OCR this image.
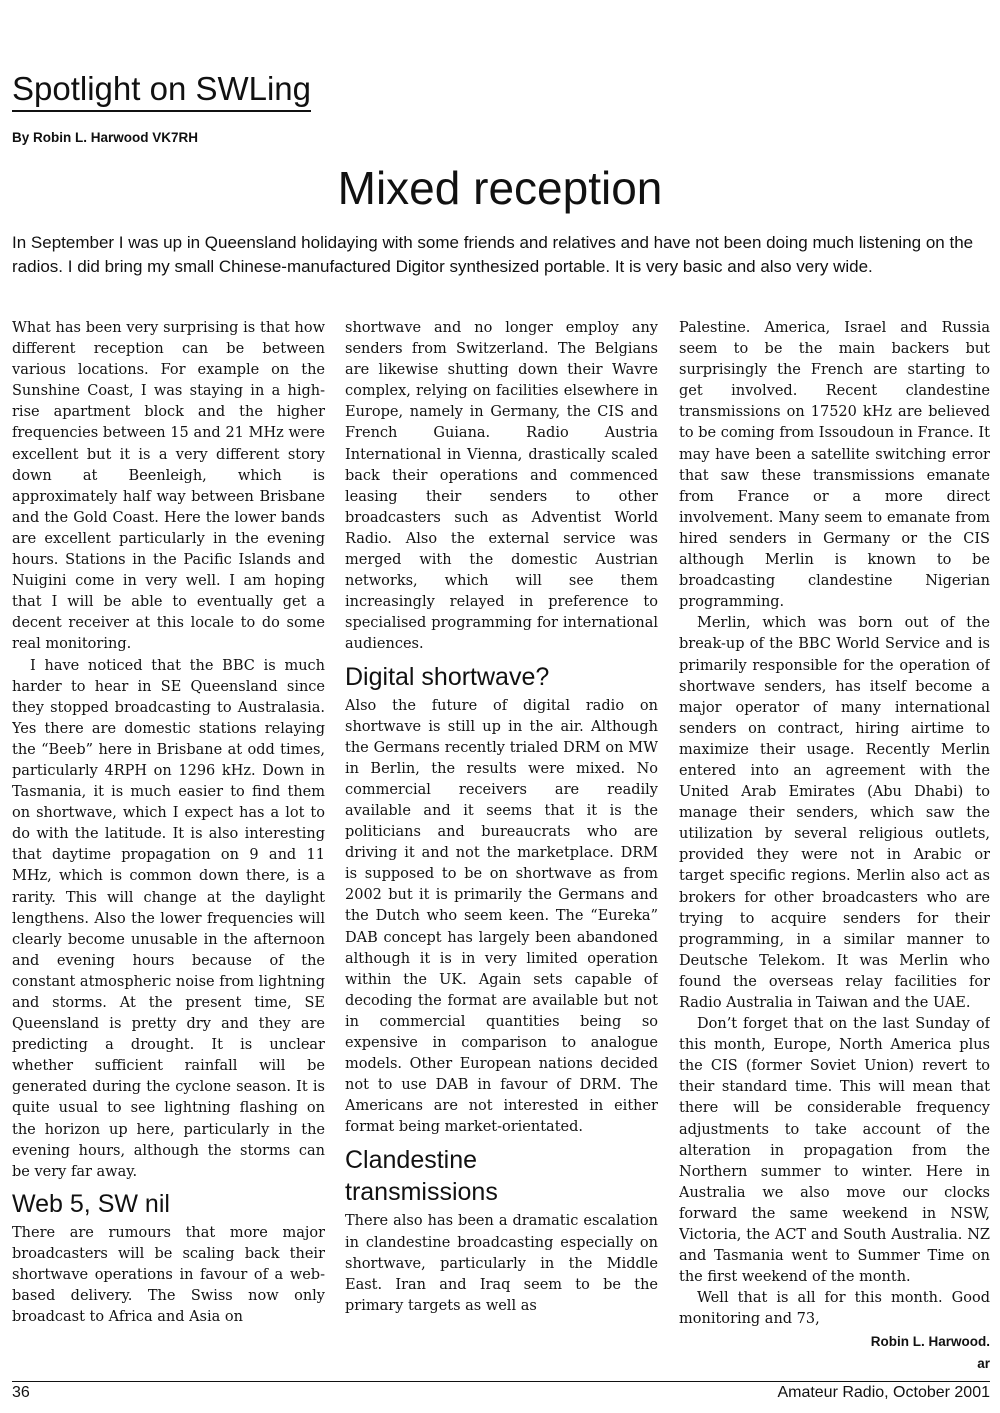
Spotlight on SWLing
By Robin L. Harwood VK7RH
Mixed reception

In September I was up in Queensland holidaying with some friends and relatives and have not been doing much listening on the radios. I did bring my small Chinese-manufactured Digitor synthesized portable. It is very basic and also very wide.

What has been very surprising is that how different reception can be between various locations. For example on the Sunshine Coast, I was staying in a high-rise apartment block and the higher frequencies between 15 and 21 MHz were excellent but it is a very different story down at Beenleigh, which is approximately half way between Brisbane and the Gold Coast. Here the lower bands are excellent particularly in the evening hours. Stations in the Pacific Islands and Nuigini come in very well. I am hoping that I will be able to eventually get a decent receiver at this locale to do some real monitoring.

I have noticed that the BBC is much harder to hear in SE Queensland since they stopped broadcasting to Australasia. Yes there are domestic stations relaying the “Beeb” here in Brisbane at odd times, particularly 4RPH on 1296 kHz. Down in Tasmania, it is much easier to find them on shortwave, which I expect has a lot to do with the latitude. It is also interesting that daytime propagation on 9 and 11 MHz, which is common down there, is a rarity. This will change at the daylight lengthens. Also the lower frequencies will clearly become unusable in the afternoon and evening hours because of the constant atmospheric noise from lightning and storms. At the present time, SE Queensland is pretty dry and they are predicting a drought. It is unclear whether sufficient rainfall will be generated during the cyclone season. It is quite usual to see lightning flashing on the horizon up here, particularly in the evening hours, although the storms can be very far away.

Web 5, SW nil

There are rumours that more major broadcasters will be scaling back their shortwave operations in favour of a web-based delivery. The Swiss now only broadcast to Africa and Asia on

shortwave and no longer employ any senders from Switzerland. The Belgians are likewise shutting down their Wavre complex, relying on facilities elsewhere in Europe, namely in Germany, the CIS and French Guiana. Radio Austria International in Vienna, drastically scaled back their operations and commenced leasing their senders to other broadcasters such as Adventist World Radio. Also the external service was merged with the domestic Austrian networks, which will see them increasingly relayed in preference to specialised programming for international audiences.

Digital shortwave?

Also the future of digital radio on shortwave is still up in the air. Although the Germans recently trialed DRM on MW in Berlin, the results were mixed. No commercial receivers are readily available and it seems that it is the politicians and bureaucrats who are driving it and not the marketplace. DRM is supposed to be on shortwave as from 2002 but it is primarily the Germans and the Dutch who seem keen. The “Eureka” DAB concept has largely been abandoned although it is in very limited operation within the UK. Again sets capable of decoding the format are available but not in commercial quantities being so expensive in comparison to analogue models. Other European nations decided not to use DAB in favour of DRM. The Americans are not interested in either format being market-orientated.

Clandestine
transmissions

There also has been a dramatic escalation in clandestine broadcasting especially on shortwave, particularly in the Middle East. Iran and Iraq seem to be the primary targets as well as

Palestine. America, Israel and Russia seem to be the main backers but surprisingly the French are starting to get involved. Recent clandestine transmissions on 17520 kHz are believed to be coming from Issoudoun in France. It may have been a satellite switching error that saw these transmissions emanate from France or a more direct involvement. Many seem to emanate from hired senders in Germany or the CIS although Merlin is known to be broadcasting clandestine Nigerian programming.

Merlin, which was born out of the break-up of the BBC World Service and is primarily responsible for the operation of shortwave senders, has itself become a major operator of many international senders on contract, hiring airtime to maximize their usage. Recently Merlin entered into an agreement with the United Arab Emirates (Abu Dhabi) to manage their senders, which saw the utilization by several religious outlets, provided they were not in Arabic or target specific regions. Merlin also act as brokers for other broadcasters who are trying to acquire senders for their programming, in a similar manner to Deutsche Telekom. It was Merlin who found the overseas relay facilities for Radio Australia in Taiwan and the UAE.

Don’t forget that on the last Sunday of this month, Europe, North America plus the CIS (former Soviet Union) revert to their standard time. This will mean that there will be considerable frequency adjustments to take account of the alteration in propagation from the Northern summer to winter. Here in Australia we also move our clocks forward the same weekend in NSW, Victoria, the ACT and South Australia. NZ and Tasmania went to Summer Time on the first weekend of the month.

Well that is all for this month. Good monitoring and 73,

Robin L. Harwood.

ar

36	Amateur Radio, October 2001
